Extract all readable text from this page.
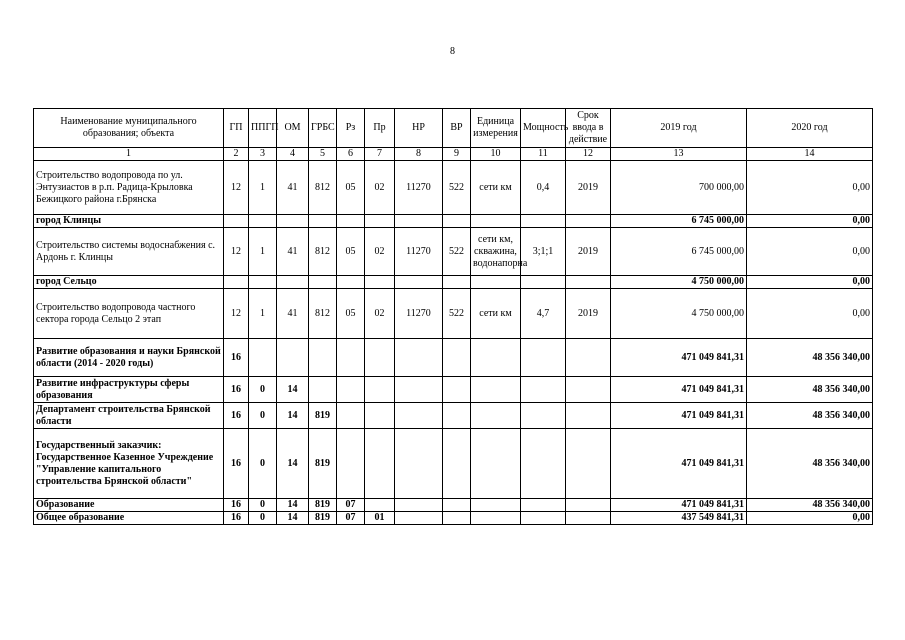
8
Наименование муниципального образования; объекта	ГП	ППГП	ОМ	ГРБС	Рз	Пр	НР	ВР	Единица измерения	Мощность	Срок ввода в действие	2019 год	2020 год
1	2	3	4	5	6	7	8	9	10	11	12	13	14
Строительство водопровода по ул. Энтузиастов в р.п. Радица-Крыловка Бежицкого района г.Брянска	12	1	41	812	05	02	11270	522	сети км	0,4	2019	700 000,00	0,00
город Клинцы												6 745 000,00	0,00
Строительство системы водоснабжения с. Ардонь г. Клинцы	12	1	41	812	05	02	11270	522	сети км, скважина, водонапорна	3;1;1	2019	6 745 000,00	0,00
город Сельцо												4 750 000,00	0,00
Строительство водопровода частного сектора города Сельцо 2 этап	12	1	41	812	05	02	11270	522	сети км	4,7	2019	4 750 000,00	0,00
Развитие образования и науки Брянской области (2014 - 2020 годы)	16											471 049 841,31	48 356 340,00
Развитие инфраструктуры сферы образования	16	0	14									471 049 841,31	48 356 340,00
Департамент строительства Брянской области	16	0	14	819								471 049 841,31	48 356 340,00
Государственный заказчик: Государственное Казенное Учреждение "Управление капитального строительства Брянской области"	16	0	14	819								471 049 841,31	48 356 340,00
Образование	16	0	14	819	07							471 049 841,31	48 356 340,00
Общее образование	16	0	14	819	07	01						437 549 841,31	0,00
